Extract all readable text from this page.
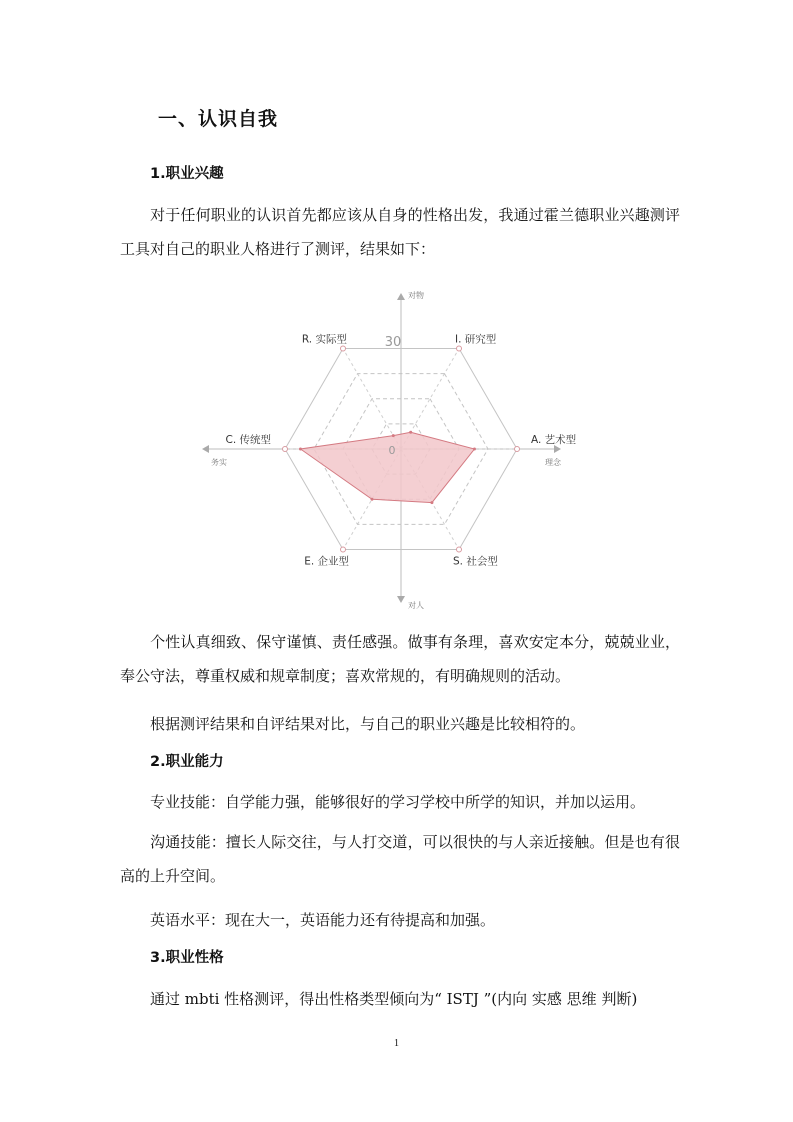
一、认识自我
1.职业兴趣
对于任何职业的认识首先都应该从自身的性格出发，我通过霍兰德职业兴趣测评工具对自己的职业人格进行了测评，结果如下：
I. 研究型
A. 艺术型
S. 社会型
E. 企业型
C. 传统型
R. 实际型	30
0
对物
对人
务实	理念
个性认真细致、保守谨慎、责任感强。做事有条理，喜欢安定本分，兢兢业业，奉公守法，尊重权威和规章制度；喜欢常规的，有明确规则的活动。
根据测评结果和自评结果对比，与自己的职业兴趣是比较相符的。
2.职业能力
专业技能：自学能力强，能够很好的学习学校中所学的知识，并加以运用。
沟通技能：擅长人际交往，与人打交道，可以很快的与人亲近接触。但是也有很高的上升空间。
英语水平：现在大一，英语能力还有待提高和加强。
3.职业性格
通过 mbti 性格测评，得出性格类型倾向为“ ISTJ ”(内向 实感 思维 判断)
1
